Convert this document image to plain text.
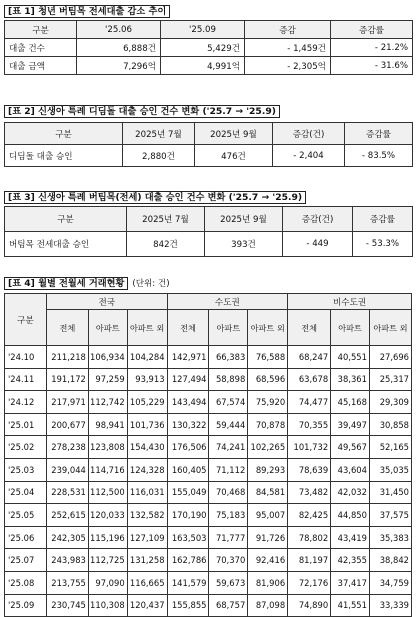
[표 1] 청년 버팀목 전세대출 감소 추이
구분	'25.06	'25.09	증감	증감률
대출 건수	6,888건	5,429건	- 1,459건	- 21.2%
대출 금액	7,296억	4,991억	- 2,305억	- 31.6%
[표 2] 신생아 특례 디딤돌 대출 승인 건수 변화 ('25.7 → '25.9)
구분	2025년 7월	2025년 9월	증감(건)	증감률
디딤돌 대출 승인	2,880건	476건	- 2,404	- 83.5%
[표 3] 신생아 특례 버팀목(전세) 대출 승인 건수 변화 ('25.7 → '25.9)
구분	2025년 7월	2025년 9월	증감(건)	증감률
버팀목 전세대출 승인	842건	393건	- 449	- 53.3%
[표 4] 월별 전월세 거래현황 (단위: 건)
구분	전국			수도권			비수도권		
	전체	아파트	아파트 외	전체	아파트	아파트 외	전체	아파트	아파트 외
'24.10	211,218	106,934	104,284	142,971	66,383	76,588	68,247	40,551	27,696
'24.11	191,172	97,259	93,913	127,494	58,898	68,596	63,678	38,361	25,317
'24.12	217,971	112,742	105,229	143,494	67,574	75,920	74,477	45,168	29,309
'25.01	200,677	98,941	101,736	130,322	59,444	70,878	70,355	39,497	30,858
'25.02	278,238	123,808	154,430	176,506	74,241	102,265	101,732	49,567	52,165
'25.03	239,044	114,716	124,328	160,405	71,112	89,293	78,639	43,604	35,035
'25.04	228,531	112,500	116,031	155,049	70,468	84,581	73,482	42,032	31,450
'25.05	252,615	120,033	132,582	170,190	75,183	95,007	82,425	44,850	37,575
'25.06	242,305	115,196	127,109	163,503	71,777	91,726	78,802	43,419	35,383
'25.07	243,983	112,725	131,258	162,786	70,370	92,416	81,197	42,355	38,842
'25.08	213,755	97,090	116,665	141,579	59,673	81,906	72,176	37,417	34,759
'25.09	230,745	110,308	120,437	155,855	68,757	87,098	74,890	41,551	33,339
